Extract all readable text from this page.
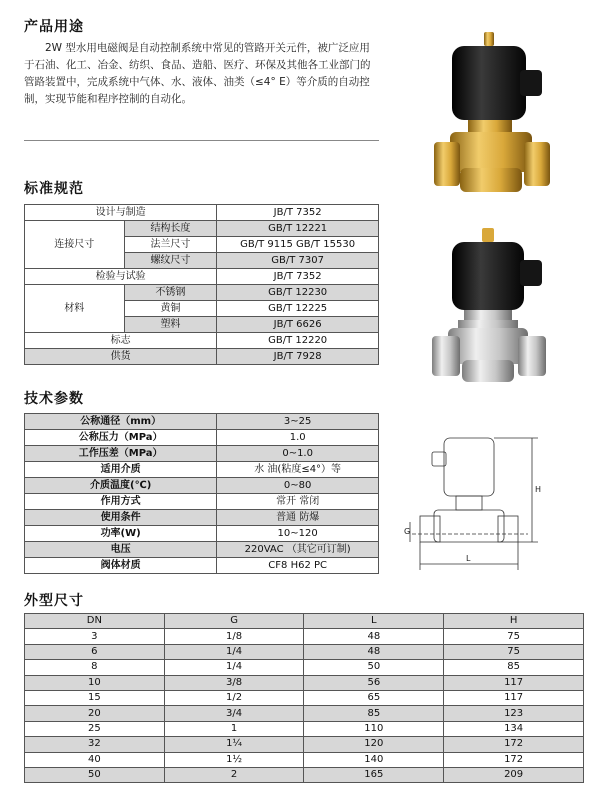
产品用途

2W 型水用电磁阀是自动控制系统中常见的管路开关元件，被广泛应用于石油、化工、冶金、纺织、食品、造船、医疗、环保及其他各工业部门的管路装置中，完成系统中气体、水、液体、油类（≤4° E）等介质的自动控制，实现节能和程序控制的自动化。

标准规范
设计与制造		JB/T 7352
连接尺寸	结构长度	GB/T 12221
	法兰尺寸	GB/T 9115 GB/T 15530
	螺纹尺寸	GB/T 7307
检验与试验		JB/T 7352
材料	不锈钢	GB/T 12230
	黄铜	GB/T 12225
	塑料	JB/T 6626
标志		GB/T 12220
供货		JB/T 7928
技术参数
公称通径（mm）	3~25
公称压力（MPa）	1.0
工作压差（MPa）	0~1.0
适用介质	水 油(粘度≤4°）等
介质温度(℃)	0~80
作用方式	常开 常闭
使用条件	普通 防爆
功率(W)	10~120
电压	220VAC （其它可订制)
阀体材质	CF8 H62 PC
H
G
L
外型尺寸
DN	G	L	H
3	1/8	48	75
6	1/4	48	75
8	1/4	50	85
10	3/8	56	117
15	1/2	65	117
20	3/4	85	123
25	1	110	134
32	1¼	120	172
40	1½	140	172
50	2	165	209
